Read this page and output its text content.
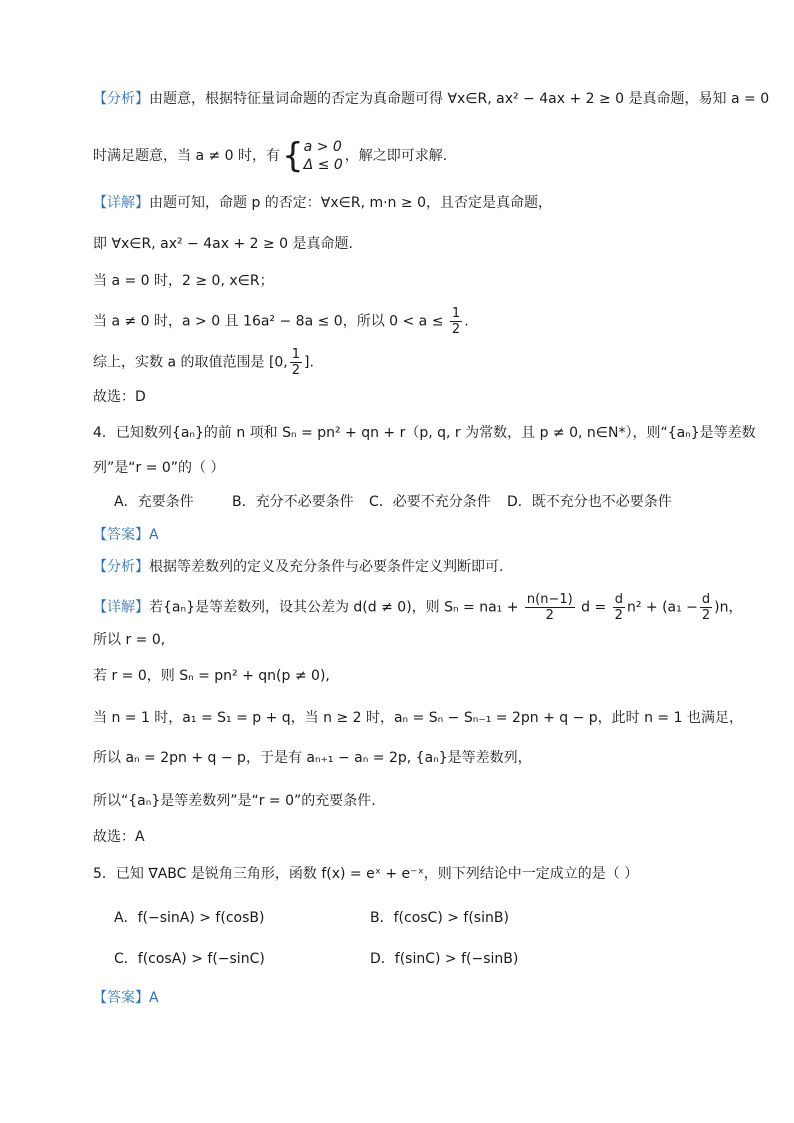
【分析】由题意，根据特征量词命题的否定为真命题可得 ∀x∈R, ax² − 4ax + 2 ≥ 0 是真命题，易知 a = 0
时满足题意，当 a ≠ 0 时，有{ a > 0
Δ ≤ 0
，解之即可求解.
【详解】由题可知，命题 p 的否定：∀x∈R, m·n ≥ 0，且否定是真命题，
即 ∀x∈R, ax² − 4ax + 2 ≥ 0 是真命题.
当 a = 0 时，2 ≥ 0, x∈R；
当 a ≠ 0 时，a > 0 且 16a² − 8a ≤ 0，所以 $0 < a \le \frac{1}{2}$ .
综上，实数 a 的取值范围是 [0, $\frac{1}{2}$ ].
故选：D
4．已知数列{aₙ}的前 n 项和 Sₙ = pn² + qn + r（p, q, r 为常数，且 p ≠ 0, n∈N*），则“{aₙ}是等差数
列”是“r = 0”的（ ）
A．充要条件	B．充分不必要条件 C．必要不充分条件 D．既不充分也不必要条件
【答案】A
【分析】根据等差数列的定义及充分条件与必要条件定义判断即可.
【详解】若{aₙ}是等差数列，设其公差为 d(d ≠ 0)，则 $S_n = na_1 + \frac{n(n-1)}{2}$ $d = \frac{d}{2} n^2 + (a_1 - \frac{d}{2} )n$，
所以 r = 0,
若 r = 0，则 Sₙ = pn² + qn(p ≠ 0),
当 n = 1 时，a₁ = S₁ = p + q，当 n ≥ 2 时，aₙ = Sₙ − Sₙ₋₁ = 2pn + q − p，此时 n = 1 也满足，
所以 aₙ = 2pn + q − p，于是有 aₙ₊₁ − aₙ = 2p, {aₙ}是等差数列，
所以“{aₙ}是等差数列”是“r = 0”的充要条件.
故选：A
5．已知 ∇ABC 是锐角三角形，函数 f(x) = eˣ + e⁻ˣ，则下列结论中一定成立的是（ ）
A．f(−sinA) > f(cosB)	B．f(cosC) > f(sinB)
C．f(cosA) > f(−sinC)	D．f(sinC) > f(−sinB)
【答案】A
